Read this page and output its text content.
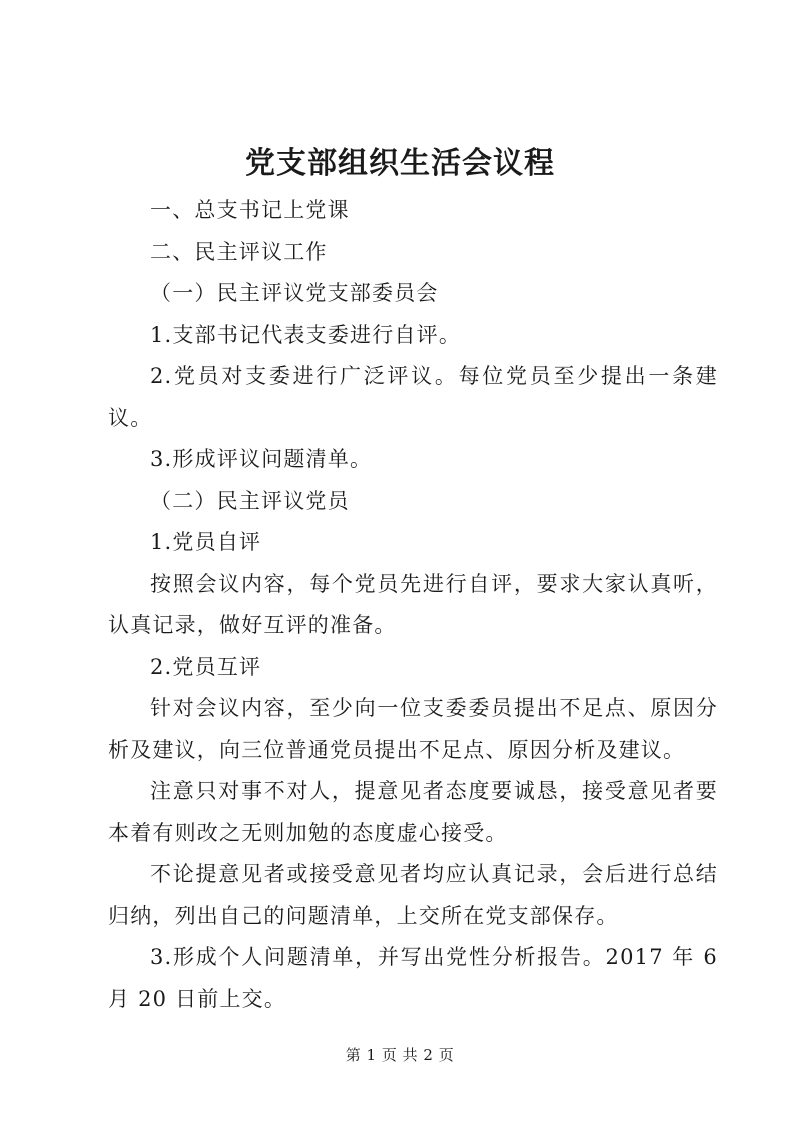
党支部组织生活会议程

一、总支书记上党课

二、民主评议工作

（一）民主评议党支部委员会

1.支部书记代表支委进行自评。

2.党员对支委进行广泛评议。每位党员至少提出一条建议。

3.形成评议问题清单。

（二）民主评议党员

1.党员自评

按照会议内容，每个党员先进行自评，要求大家认真听，认真记录，做好互评的准备。

2.党员互评

针对会议内容，至少向一位支委委员提出不足点、原因分析及建议，向三位普通党员提出不足点、原因分析及建议。

注意只对事不对人，提意见者态度要诚恳，接受意见者要本着有则改之无则加勉的态度虚心接受。

不论提意见者或接受意见者均应认真记录，会后进行总结归纳，列出自己的问题清单，上交所在党支部保存。

3.形成个人问题清单，并写出党性分析报告。2017 年 6 月 20 日前上交。

第 1 页 共 2 页
